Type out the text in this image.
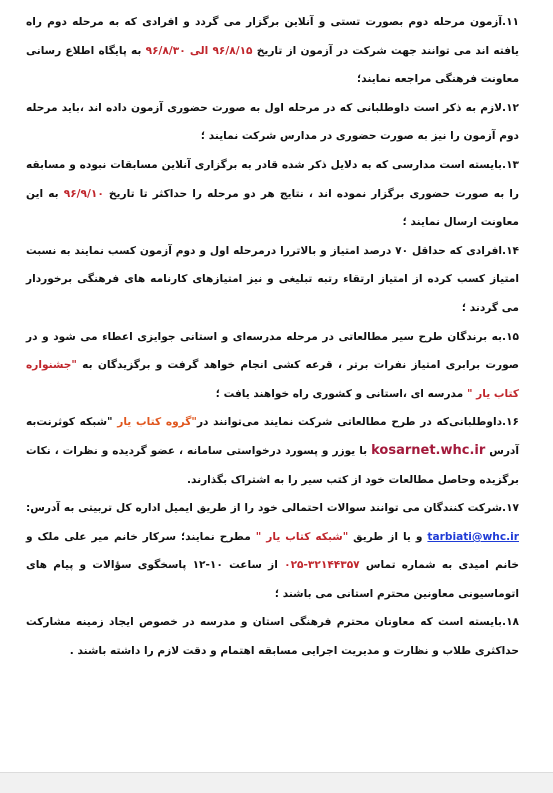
۱۱.آزمون مرحله دوم بصورت تستی و آنلاین برگزار می گردد و افرادی که به مرحله دوم راه یافته اند می توانند جهت شرکت در آزمون از تاریخ ۹۶/۸/۱۵ الی ۹۶/۸/۳۰ به پایگاه اطلاع رسانی معاونت فرهنگی مراجعه نمایند؛

۱۲.لازم به ذکر است داوطلبانی که در مرحله اول به صورت حضوری آزمون داده اند ،باید مرحله دوم آزمون را نیز به صورت حضوری در مدارس شرکت نمایند ؛

۱۳.بایسته است مدارسی که به دلایل ذکر شده قادر به برگزاری آنلاین مسابقات نبوده و مسابقه را به صورت حضوری برگزار نموده اند ، نتایج هر دو مرحله را حداکثر تا تاریخ ۹۶/۹/۱۰ به این معاونت ارسال نمایند ؛

۱۴.افرادی که حداقل ۷۰ درصد امتیاز و بالاتررا درمرحله اول و دوم آزمون کسب نمایند به نسبت امتیاز کسب کرده از امتیاز ارتقاء رتبه تبلیغی و نیز امتیازهای کارنامه های فرهنگی برخوردار می گردند ؛

۱۵.به برندگان طرح سیر مطالعاتی در مرحله مدرسه‌ای و استانی جوایزی اعطاء می شود و در صورت برابری امتیاز نفرات برتر ، قرعه کشی انجام خواهد گرفت و برگزیدگان به "جشنواره کتاب یار " مدرسه ای ،استانی و کشوری راه خواهند یافت ؛

۱۶.داوطلبانی‌که در طرح مطالعاتی شرکت نمایند می‌توانند در"گروه کتاب یار "شبکه کوثرنت‌به آدرس kosarnet.whc.ir با یوزر و پسورد درخواستی سامانه ، عضو گردیده و نظرات ، نکات برگزیده وحاصل مطالعات خود از کتب سیر را به اشتراک بگذارند.

۱۷.شرکت کنندگان می توانند سوالات احتمالی خود را از طریق ایمیل اداره کل تربیتی به آدرس: tarbiati@whc.ir و یا از طریق "شبکه کتاب یار " مطرح نمایند؛ سرکار خانم میر علی ملک و خانم امیدی به شماره تماس ۰۲۵-۳۲۱۴۴۳۵۷ از ساعت ۱۰-۱۲ پاسخگوی سؤالات و پیام های اتوماسیونی معاونین محترم استانی می باشند ؛

۱۸.بایسته است که معاونان محترم فرهنگی استان و مدرسه در خصوص ایجاد زمینه مشارکت حداکثری طلاب و نظارت و مدیریت اجرایی مسابقه اهتمام و دقت لازم را داشته باشند .
